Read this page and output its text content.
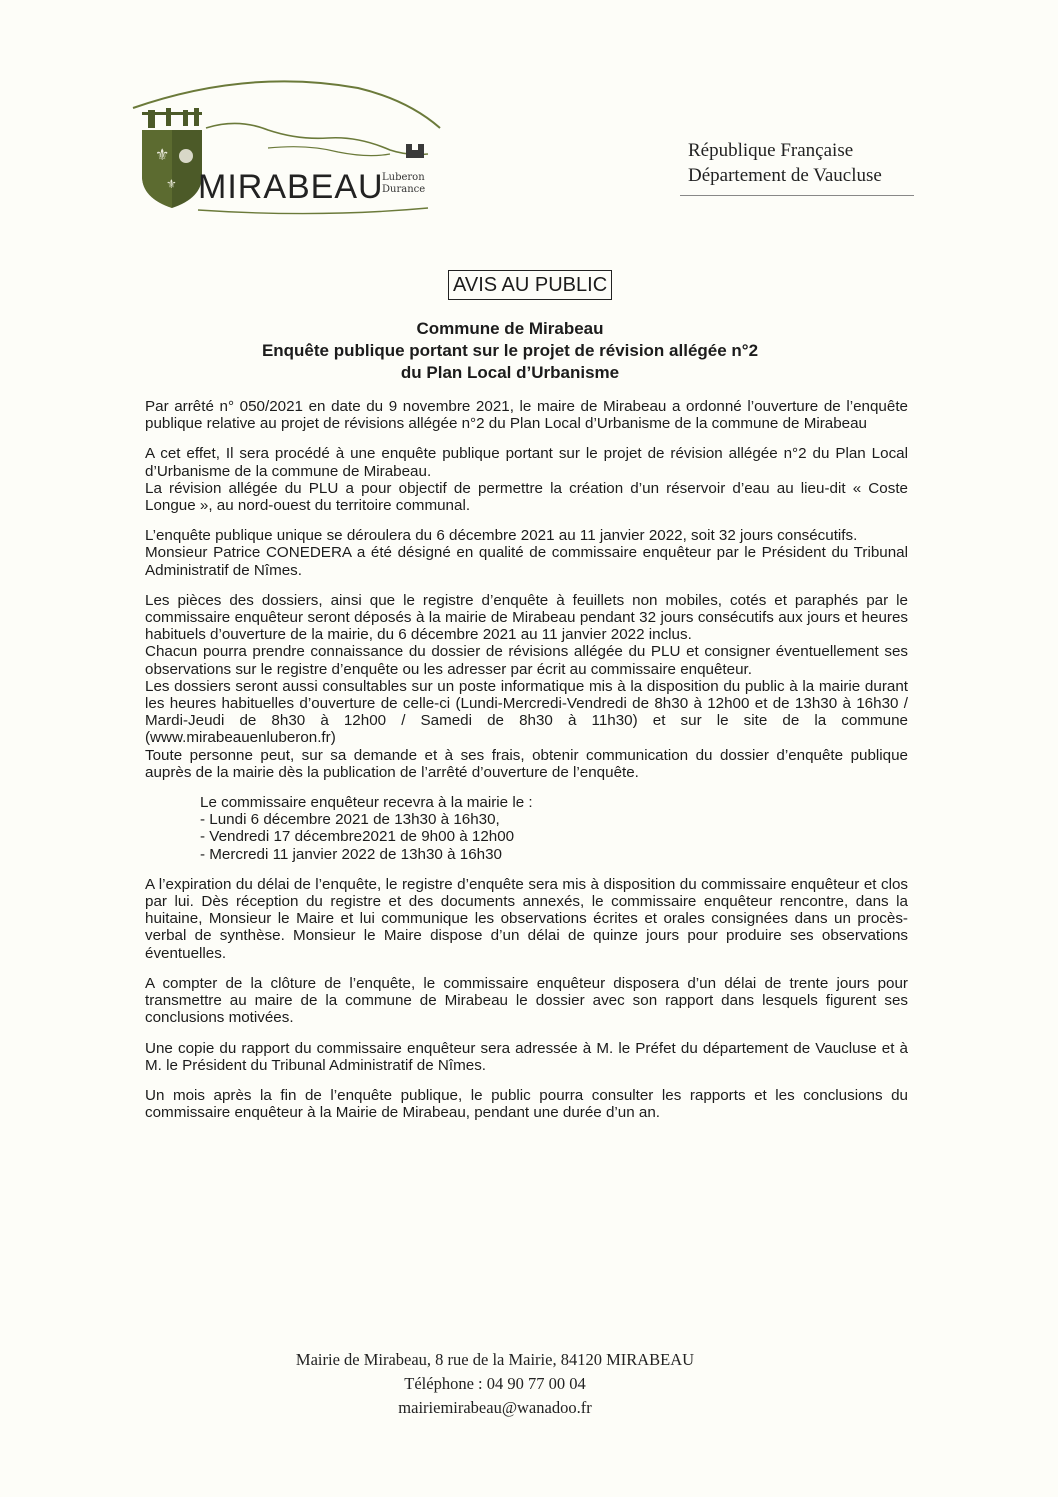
⚜
⚜ MIRABEAU
Luberon
Durance
République Française
Département de Vaucluse
AVIS AU PUBLIC
Commune de Mirabeau
Enquête publique portant sur le projet de révision allégée n°2
du Plan Local d’Urbanisme

Par arrêté n° 050/2021 en date du 9 novembre 2021, le maire de Mirabeau a ordonné l’ouverture de l’enquête publique relative au projet de révisions allégée n°2 du Plan Local d’Urbanisme de la commune de Mirabeau

A cet effet, Il sera procédé à une enquête publique portant sur le projet de révision allégée n°2 du Plan Local d’Urbanisme de la commune de Mirabeau.

La révision allégée du PLU a pour objectif de permettre la création d’un réservoir d’eau au lieu-dit « Coste Longue », au nord-ouest du territoire communal.

L’enquête publique unique se déroulera du 6 décembre 2021 au 11 janvier 2022, soit 32 jours consécutifs.

Monsieur Patrice CONEDERA a été désigné en qualité de commissaire enquêteur par le Président du Tribunal Administratif de Nîmes.

Les pièces des dossiers, ainsi que le registre d’enquête à feuillets non mobiles, cotés et paraphés par le commissaire enquêteur seront déposés à la mairie de Mirabeau pendant 32 jours consécutifs aux jours et heures habituels d’ouverture de la mairie, du 6 décembre 2021 au 11 janvier 2022 inclus.

Chacun pourra prendre connaissance du dossier de révisions allégée du PLU et consigner éventuellement ses observations sur le registre d’enquête ou les adresser par écrit au commissaire enquêteur.

Les dossiers seront aussi consultables sur un poste informatique mis à la disposition du public à la mairie durant les heures habituelles d’ouverture de celle-ci (Lundi-Mercredi-Vendredi de 8h30 à 12h00 et de 13h30 à 16h30 / Mardi-Jeudi de 8h30 à 12h00 / Samedi de 8h30 à 11h30) et sur le site de la commune (www.mirabeauenluberon.fr)

Toute personne peut, sur sa demande et à ses frais, obtenir communication du dossier d’enquête publique auprès de la mairie dès la publication de l’arrêté d’ouverture de l’enquête.

Le commissaire enquêteur recevra à la mairie le :
- Lundi 6 décembre 2021 de 13h30 à 16h30,
- Vendredi 17 décembre2021 de 9h00 à 12h00
- Mercredi 11 janvier 2022 de 13h30 à 16h30

A l’expiration du délai de l’enquête, le registre d’enquête sera mis à disposition du commissaire enquêteur et clos par lui. Dès réception du registre et des documents annexés, le commissaire enquêteur rencontre, dans la huitaine, Monsieur le Maire et lui communique les observations écrites et orales consignées dans un procès-verbal de synthèse. Monsieur le Maire dispose d’un délai de quinze jours pour produire ses observations éventuelles.

A compter de la clôture de l’enquête, le commissaire enquêteur disposera d’un délai de trente jours pour transmettre au maire de la commune de Mirabeau le dossier avec son rapport dans lesquels figurent ses conclusions motivées.

Une copie du rapport du commissaire enquêteur sera adressée à M. le Préfet du département de Vaucluse et à M. le Président du Tribunal Administratif de Nîmes.

Un mois après la fin de l’enquête publique, le public pourra consulter les rapports et les conclusions du commissaire enquêteur à la Mairie de Mirabeau, pendant une durée d’un an.

Mairie de Mirabeau, 8 rue de la Mairie, 84120 MIRABEAU
Téléphone : 04 90 77 00 04
mairiemirabeau@wanadoo.fr
